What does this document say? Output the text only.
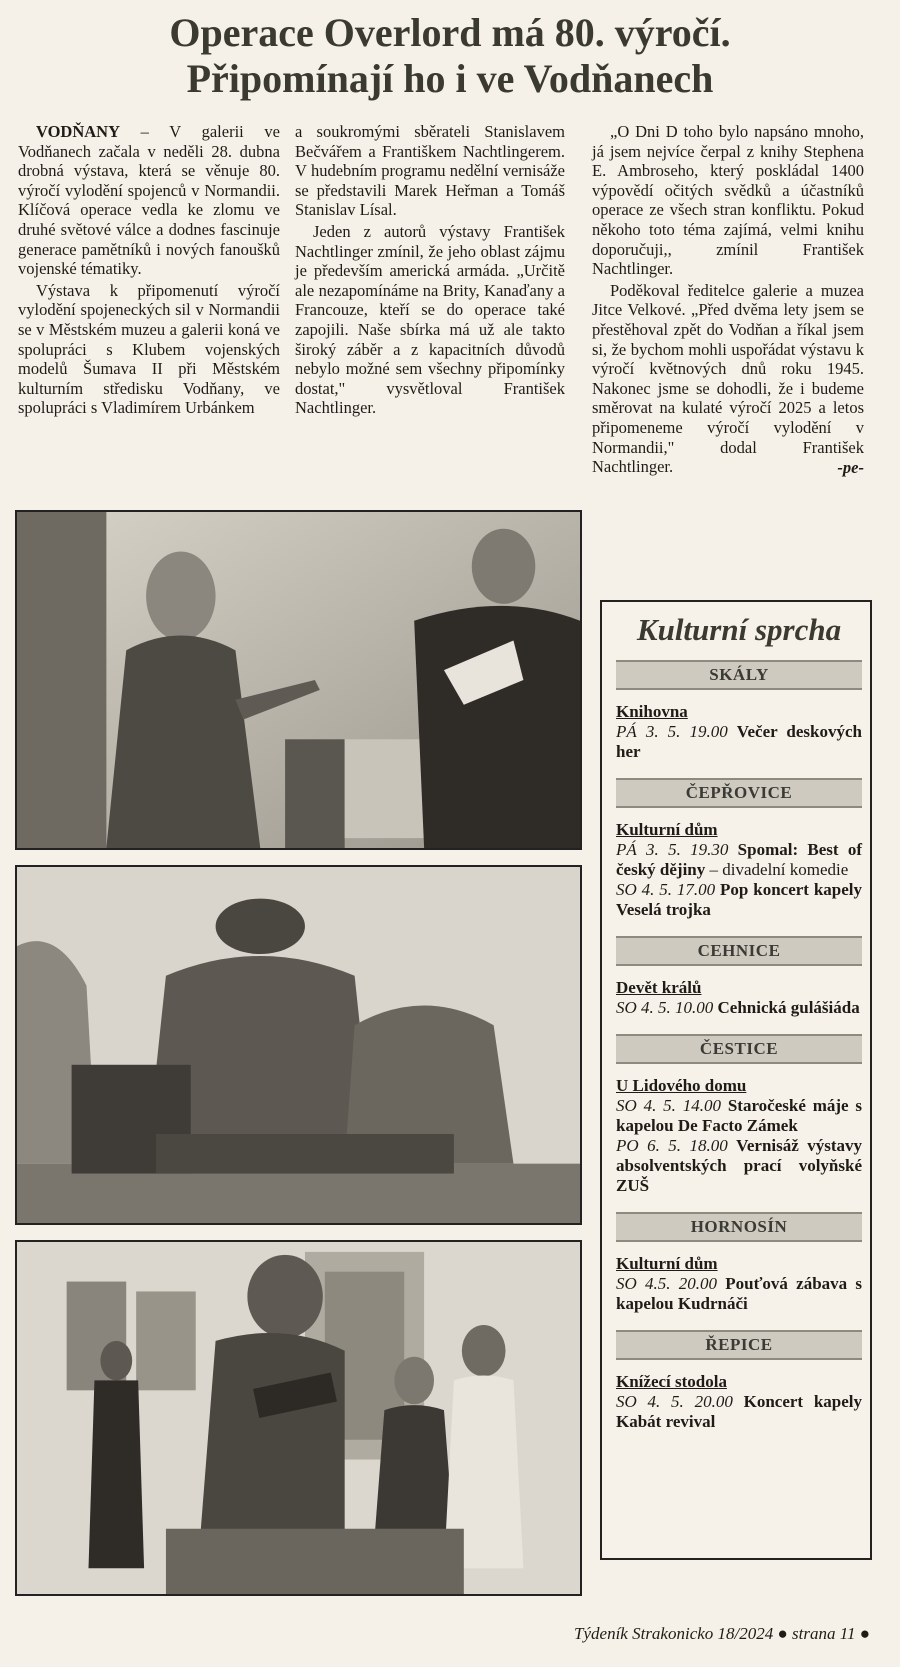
Operace Overlord má 80. výročí.
Připomínají ho i ve Vodňanech

VODŇANY – V galerii ve Vodňanech začala v neděli 28. dubna drobná výstava, která se věnuje 80. výročí vylodění spojenců v Normandii. Klíčová operace vedla ke zlomu ve druhé světové válce a dodnes fascinuje generace pamětníků i nových fanoušků vojenské tématiky.

Výstava k připomenutí výročí vylodění spojeneckých sil v Normandii se v Městském muzeu a galerii koná ve spolupráci s Klubem vojenských modelů Šumava II při Městském kulturním středisku Vodňany, ve spolupráci s Vladimírem Urbánkem

a soukromými sběrateli Stanislavem Bečvářem a Františkem Nachtlingerem. V hudebním programu nedělní vernisáže se představili Marek Heřman a Tomáš Stanislav Lísal.

Jeden z autorů výstavy František Nachtlinger zmínil, že jeho oblast zájmu je především americká armáda. „Určitě ale nezapomínáme na Brity, Kanaďany a Francouze, kteří se do operace také zapojili. Naše sbírka má už ale takto široký záběr a z kapacitních důvodů nebylo možné sem všechny připomínky dostat," vysvětloval František Nachtlinger.

„O Dni D toho bylo napsáno mnoho, já jsem nejvíce čerpal z knihy Stephena E. Ambroseho, který poskládal 1400 výpovědí očitých svědků a účastníků operace ze všech stran konfliktu. Pokud někoho toto téma zajímá, velmi knihu doporučuji,, zmínil František Nachtlinger.

Poděkoval ředitelce galerie a muzea Jitce Velkové. „Před dvěma lety jsem se přestěhoval zpět do Vodňan a říkal jsem si, že bychom mohli uspořádat výstavu k výročí květnových dnů roku 1945. Nakonec jsme se dohodli, že i budeme směrovat na kulaté výročí 2025 a letos připomeneme výročí vylodění v Normandii," dodal František Nachtlinger.	-pe-
Kulturní sprcha
SKÁLY
Knihovna
PÁ 3. 5. 19.00 Večer deskových her
ČEPŘOVICE
Kulturní dům
PÁ 3. 5. 19.30 Spomal: Best of český dějiny – divadelní komedie
SO 4. 5. 17.00 Pop koncert kapely Veselá trojka
CEHNICE
Devět králů
SO 4. 5. 10.00 Cehnická gulášiáda
ČESTICE
U Lidového domu
SO 4. 5. 14.00 Staročeské máje s kapelou De Facto Zámek
PO 6. 5. 18.00 Vernisáž výstavy absolventských prací volyňské ZUŠ
HORNOSÍN
Kulturní dům
SO 4.5. 20.00 Pouťová zábava s kapelou Kudrnáči
ŘEPICE
Knížecí stodola
SO 4. 5. 20.00 Koncert kapely Kabát revival
Týdeník Strakonicko 18/2024 ● strana 11 ●
